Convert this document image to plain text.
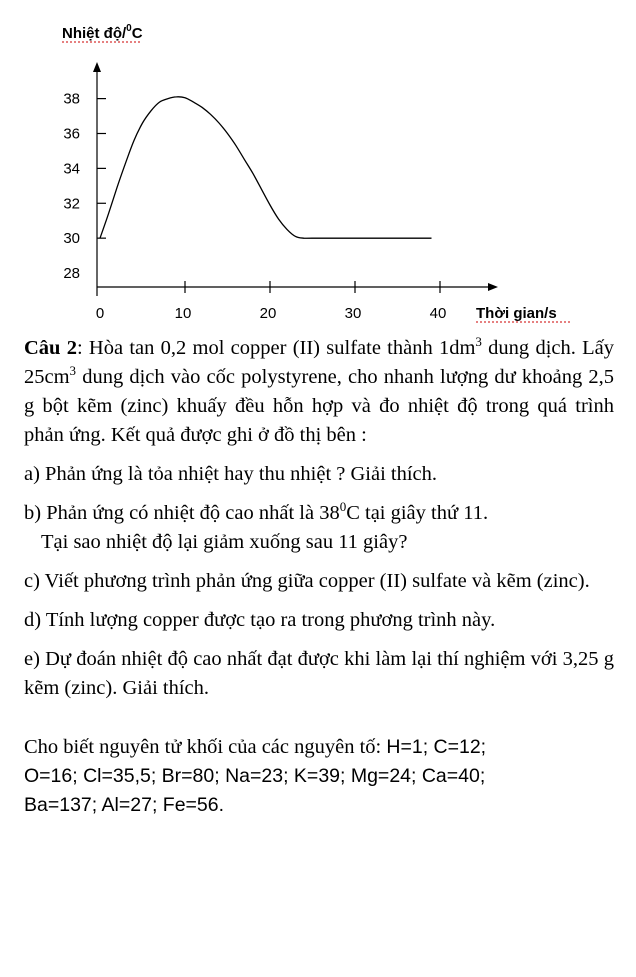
Nhiệt độ/$^0$C
Thời gian/s
38
36
34
32
30
28
0	10	20	30	40

Câu 2: Hòa tan 0,2 mol copper (II) sulfate thành $1dm^3$ dung dịch. Lấy $25cm^3$ dung dịch vào cốc polystyrene, cho nhanh lượng dư khoảng 2,5 g bột kẽm (zinc) khuấy đều hỗn hợp và đo nhiệt độ trong quá trình phản ứng. Kết quả được ghi ở đồ thị bên :

a) Phản ứng là tỏa nhiệt hay thu nhiệt ? Giải thích.

b) Phản ứng có nhiệt độ cao nhất là $38^0C$ tại giây thứ 11.

Tại sao nhiệt độ lại giảm xuống sau 11 giây?

c) Viết phương trình phản ứng giữa copper (II) sulfate và kẽm (zinc).

d) Tính lượng copper được tạo ra trong phương trình này.

e) Dự đoán nhiệt độ cao nhất đạt được khi làm lại thí nghiệm với 3,25 g kẽm (zinc). Giải thích.

Cho biết nguyên tử khối của các nguyên tố: H=1; C=12;

O=16; Cl=35,5; Br=80; Na=23; K=39; Mg=24; Ca=40;

Ba=137; Al=27; Fe=56.
